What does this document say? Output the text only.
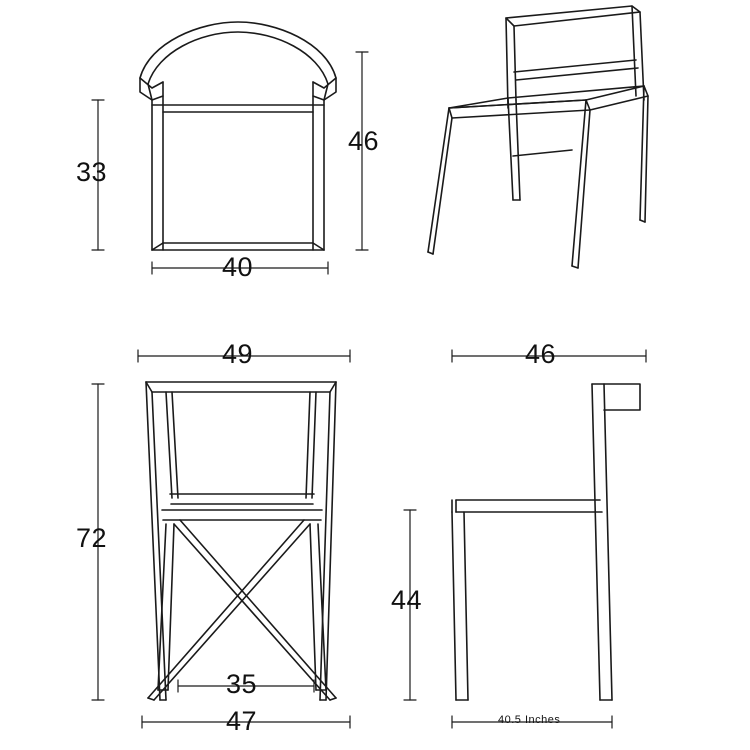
33
46
40
49
72
35
47
46
44
40.5 Inches
